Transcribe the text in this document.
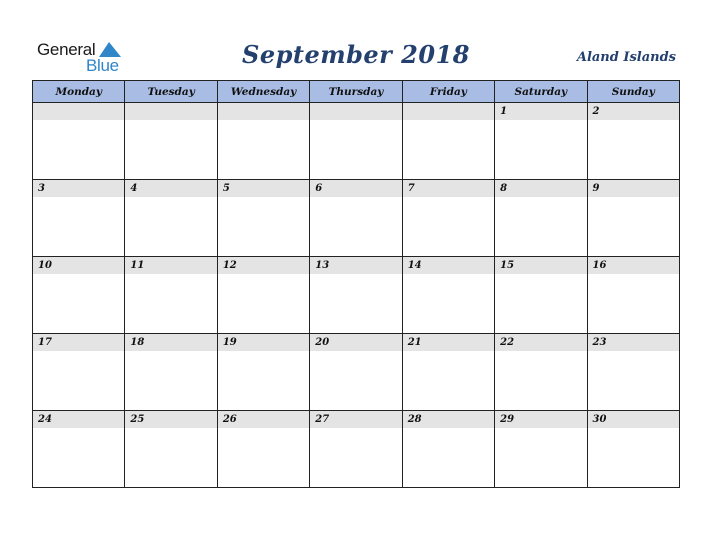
General
Blue	September 2018	Aland Islands
Monday	Tuesday	Wednesday	Thursday	Friday	Saturday	Sunday

					1	2

3	4	5	6	7	8	9

10	11	12	13	14	15	16

17	18	19	20	21	22	23

24	25	26	27	28	29	30
